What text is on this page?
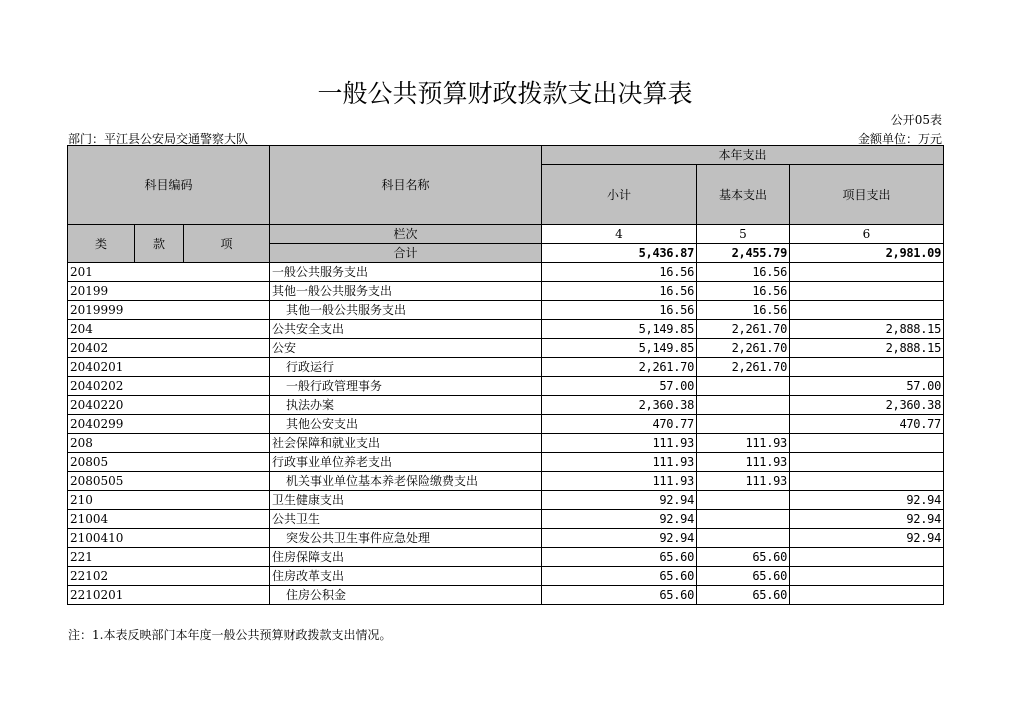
一般公共预算财政拨款支出决算表
公开05表
部门：平江县公安局交通警察大队	金额单位：万元
科目编码			科目名称	本年支出		
				小计	基本支出	项目支出
类	款	项	栏次	4	5	6
			合计	5,436.87	2,455.79	2,981.09
201			一般公共服务支出	16.56	16.56	
20199			其他一般公共服务支出	16.56	16.56	
2019999			其他一般公共服务支出	16.56	16.56	
204			公共安全支出	5,149.85	2,261.70	2,888.15
20402			公安	5,149.85	2,261.70	2,888.15
2040201			行政运行	2,261.70	2,261.70	
2040202			一般行政管理事务	57.00		57.00
2040220			执法办案	2,360.38		2,360.38
2040299			其他公安支出	470.77		470.77
208			社会保障和就业支出	111.93	111.93	
20805			行政事业单位养老支出	111.93	111.93	
2080505			机关事业单位基本养老保险缴费支出	111.93	111.93	
210			卫生健康支出	92.94		92.94
21004			公共卫生	92.94		92.94
2100410			突发公共卫生事件应急处理	92.94		92.94
221			住房保障支出	65.60	65.60	
22102			住房改革支出	65.60	65.60	
2210201			住房公积金	65.60	65.60	
注：1.本表反映部门本年度一般公共预算财政拨款支出情况。
